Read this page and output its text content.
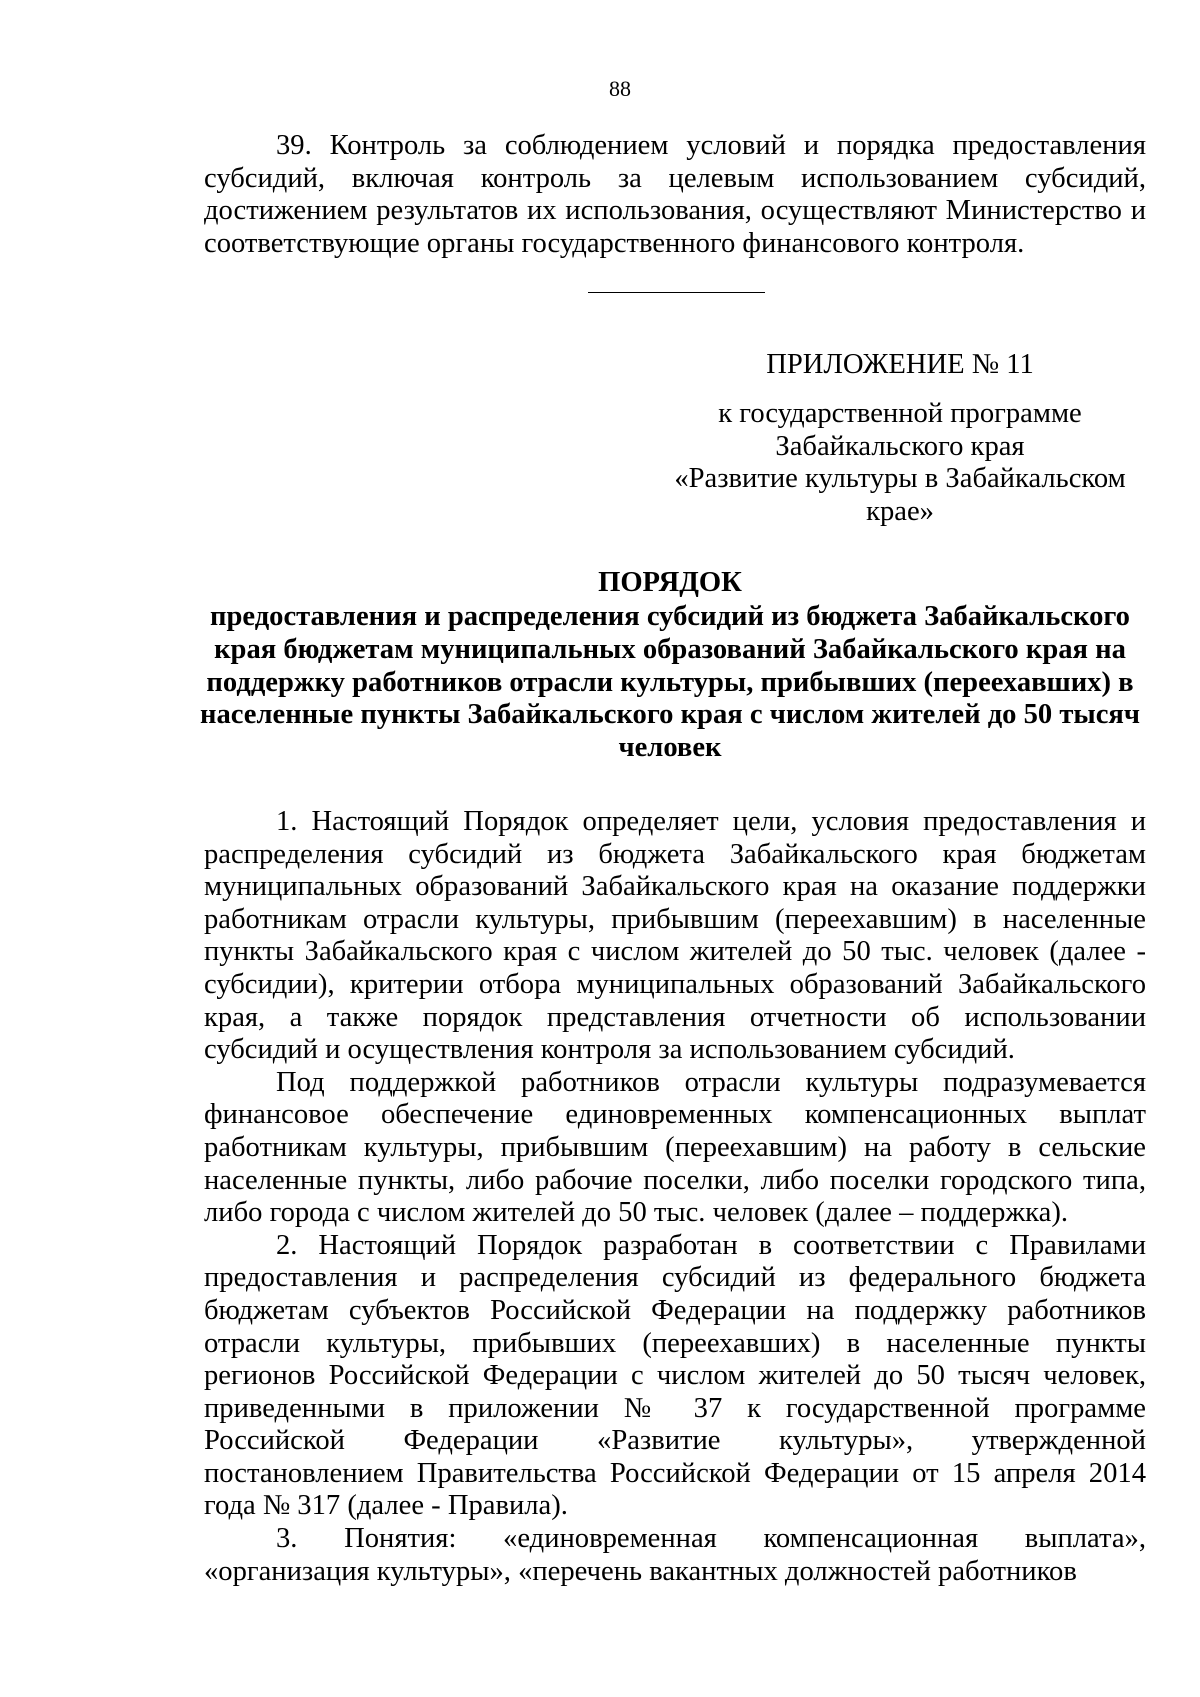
88

39. Контроль за соблюдением условий и порядка предоставления субсидий, включая контроль за целевым использованием субсидий, достижением результатов их использования, осуществляют Министерство и соответствующие органы государственного финансового контроля.

ПРИЛОЖЕНИЕ № 11
к государственной программе
Забайкальского края
«Развитие культуры в Забайкальском
крае»
ПОРЯДОК
предоставления и распределения субсидий из бюджета Забайкальского
края бюджетам муниципальных образований Забайкальского края на
поддержку работников отрасли культуры, прибывших (переехавших) в
населенные пункты Забайкальского края с числом жителей до 50 тысяч
человек

1. Настоящий Порядок определяет цели, условия предоставления и распределения субсидий из бюджета Забайкальского края бюджетам муниципальных образований Забайкальского края на оказание поддержки работникам отрасли культуры, прибывшим (переехавшим) в населенные пункты Забайкальского края с числом жителей до 50 тыс. человек (далее - субсидии), критерии отбора муниципальных образований Забайкальского края, а также порядок представления отчетности об использовании субсидий и осуществления контроля за использованием субсидий.

Под поддержкой работников отрасли культуры подразумевается финансовое обеспечение единовременных компенсационных выплат работникам культуры, прибывшим (переехавшим) на работу в сельские населенные пункты, либо рабочие поселки, либо поселки городского типа, либо города с числом жителей до 50 тыс. человек (далее – поддержка).

2. Настоящий Порядок разработан в соответствии с Правилами предоставления и распределения субсидий из федерального бюджета бюджетам субъектов Российской Федерации на поддержку работников отрасли культуры, прибывших (переехавших) в населенные пункты регионов Российской Федерации с числом жителей до 50 тысяч человек, приведенными в приложении № 37 к государственной программе Российской Федерации «Развитие культуры», утвержденной постановлением Правительства Российской Федерации от 15 апреля 2014 года № 317 (далее - Правила).

3. Понятия: «единовременная компенсационная выплата», «организация культуры», «перечень вакантных должностей работников
